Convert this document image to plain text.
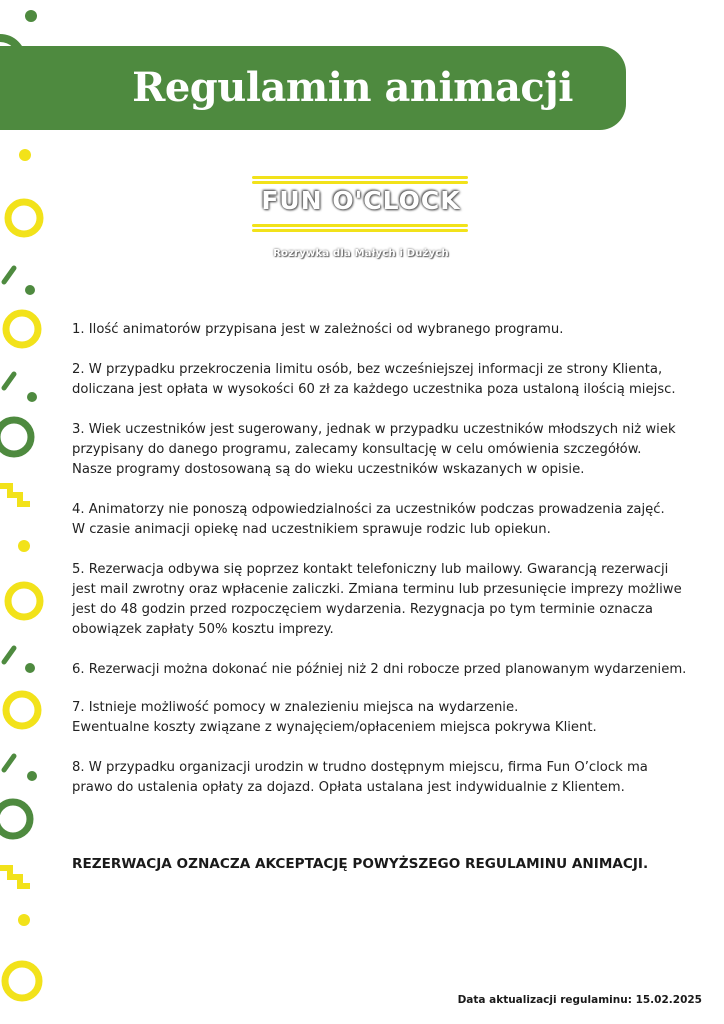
Regulamin animacji
FUN O'CLOCK
Rozrywka dla Małych i Dużych
1. Ilość animatorów przypisana jest w zależności od wybranego programu.
2. W przypadku przekroczenia limitu osób, bez wcześniejszej informacji ze strony Klienta,
doliczana jest opłata w wysokości 60 zł za każdego uczestnika poza ustaloną ilością miejsc.
3. Wiek uczestników jest sugerowany, jednak w przypadku uczestników młodszych niż wiek
przypisany do danego programu, zalecamy konsultację w celu omówienia szczegółów.
Nasze programy dostosowaną są do wieku uczestników wskazanych w opisie.
4. Animatorzy nie ponoszą odpowiedzialności za uczestników podczas prowadzenia zajęć.
W czasie animacji opiekę nad uczestnikiem sprawuje rodzic lub opiekun.
5. Rezerwacja odbywa się poprzez kontakt telefoniczny lub mailowy. Gwarancją rezerwacji
jest mail zwrotny oraz wpłacenie zaliczki. Zmiana terminu lub przesunięcie imprezy możliwe
jest do 48 godzin przed rozpoczęciem wydarzenia. Rezygnacja po tym terminie oznacza
obowiązek zapłaty 50% kosztu imprezy.
6. Rezerwacji można dokonać nie później niż 2 dni robocze przed planowanym wydarzeniem.
7. Istnieje możliwość pomocy w znalezieniu miejsca na wydarzenie.
Ewentualne koszty związane z wynajęciem/opłaceniem miejsca pokrywa Klient.
8. W przypadku organizacji urodzin w trudno dostępnym miejscu, firma Fun O’clock ma
prawo do ustalenia opłaty za dojazd. Opłata ustalana jest indywidualnie z Klientem.

REZERWACJA OZNACZA AKCEPTACJĘ POWYŻSZEGO REGULAMINU ANIMACJI.

Data aktualizacji regulaminu: 15.02.2025
